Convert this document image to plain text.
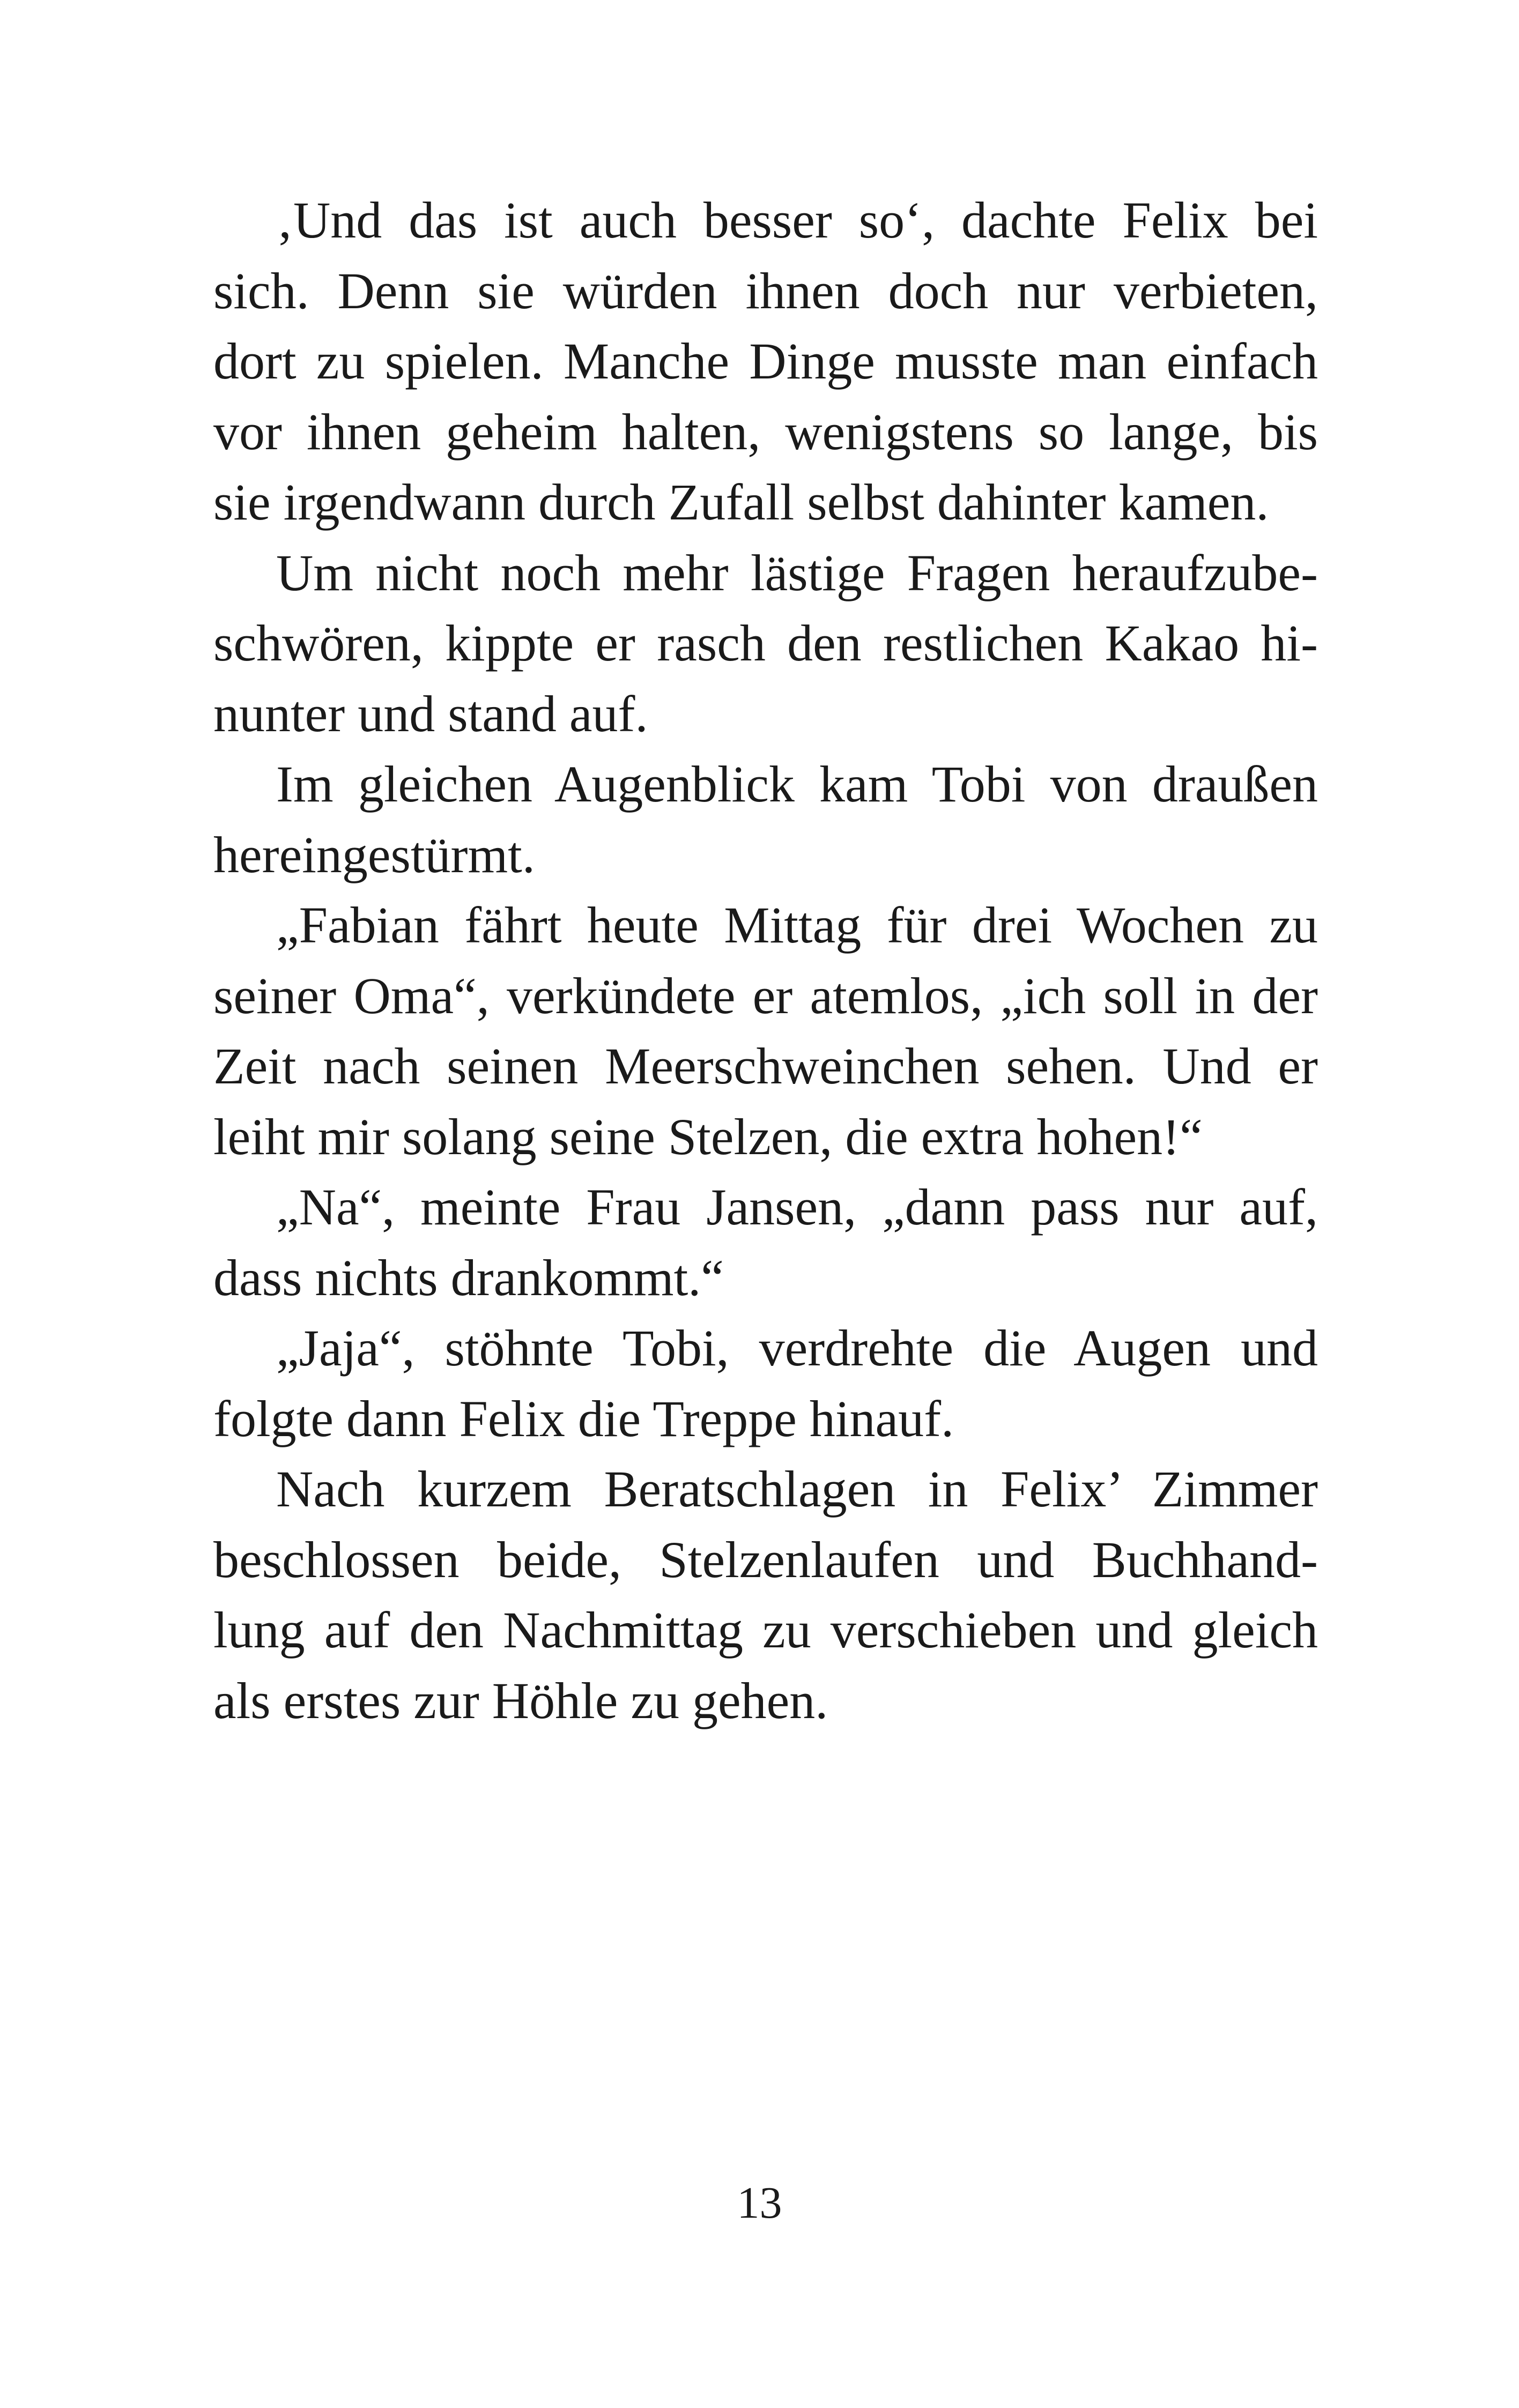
‚Und das ist auch besser so‘, dachte Felix bei
sich. Denn sie würden ihnen doch nur verbieten,
dort zu spielen. Manche Dinge musste man einfach
vor ihnen geheim halten, wenigstens so lange, bis
sie irgendwann durch Zufall selbst dahinter kamen.
Um nicht noch mehr lästige Fragen heraufzube-
schwören, kippte er rasch den restlichen Kakao hi-
nunter und stand auf.
Im gleichen Augenblick kam Tobi von draußen
hereingestürmt.
„Fabian fährt heute Mittag für drei Wochen zu
seiner Oma“, verkündete er atemlos, „ich soll in der
Zeit nach seinen Meerschweinchen sehen. Und er
leiht mir solang seine Stelzen, die extra hohen!“
„Na“, meinte Frau Jansen, „dann pass nur auf,
dass nichts drankommt.“
„Jaja“, stöhnte Tobi, verdrehte die Augen und
folgte dann Felix die Treppe hinauf.
Nach kurzem Beratschlagen in Felix’ Zimmer
beschlossen beide, Stelzenlaufen und Buchhand-
lung auf den Nachmittag zu verschieben und gleich
als erstes zur Höhle zu gehen.
13
